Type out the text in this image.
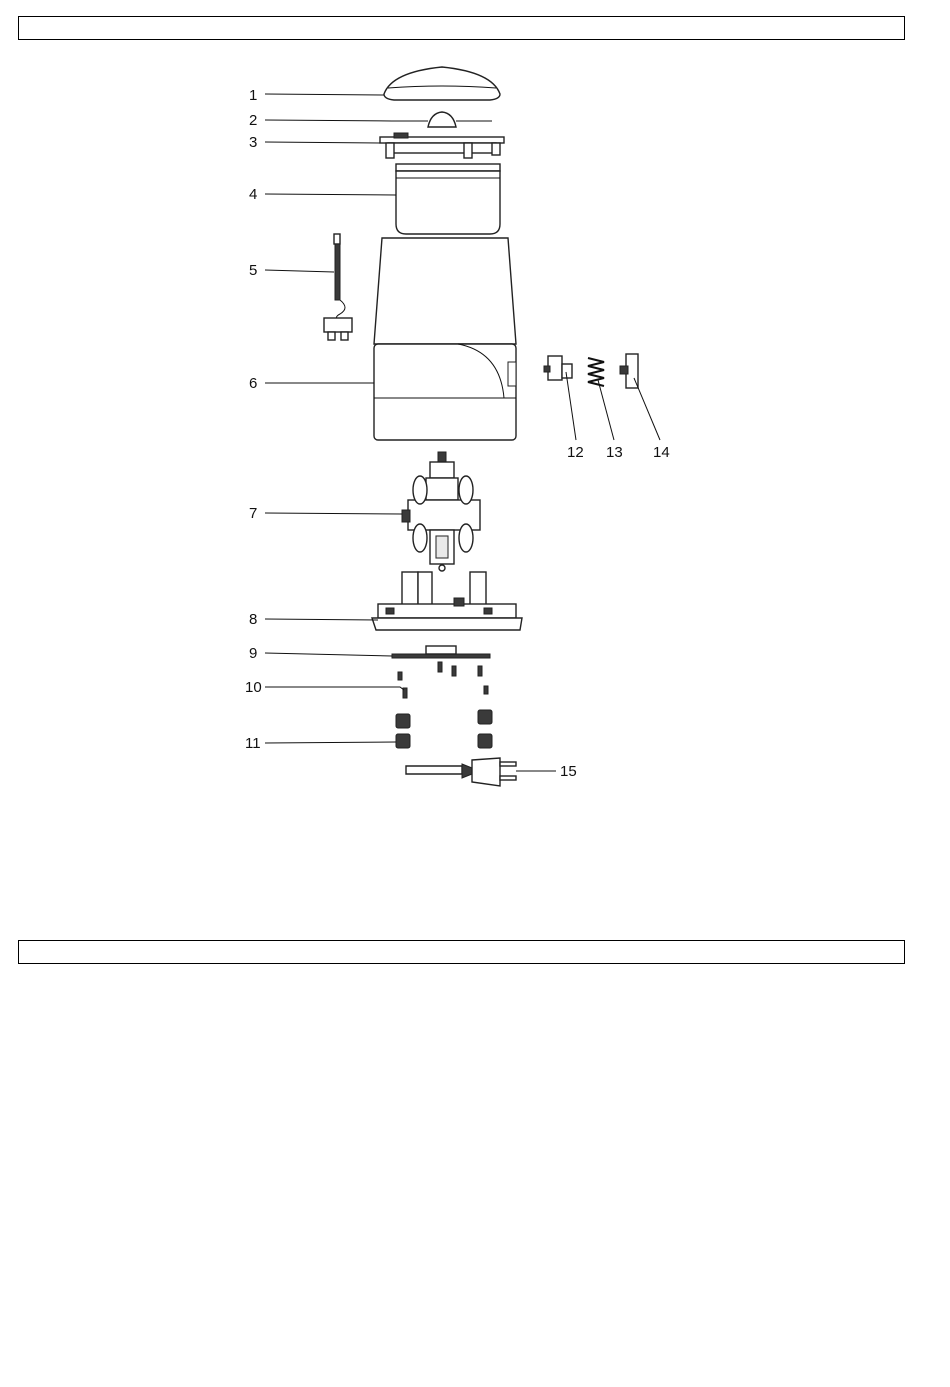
1
2
3
4
5
6
7
8
9
10
11
12 13 14
15
